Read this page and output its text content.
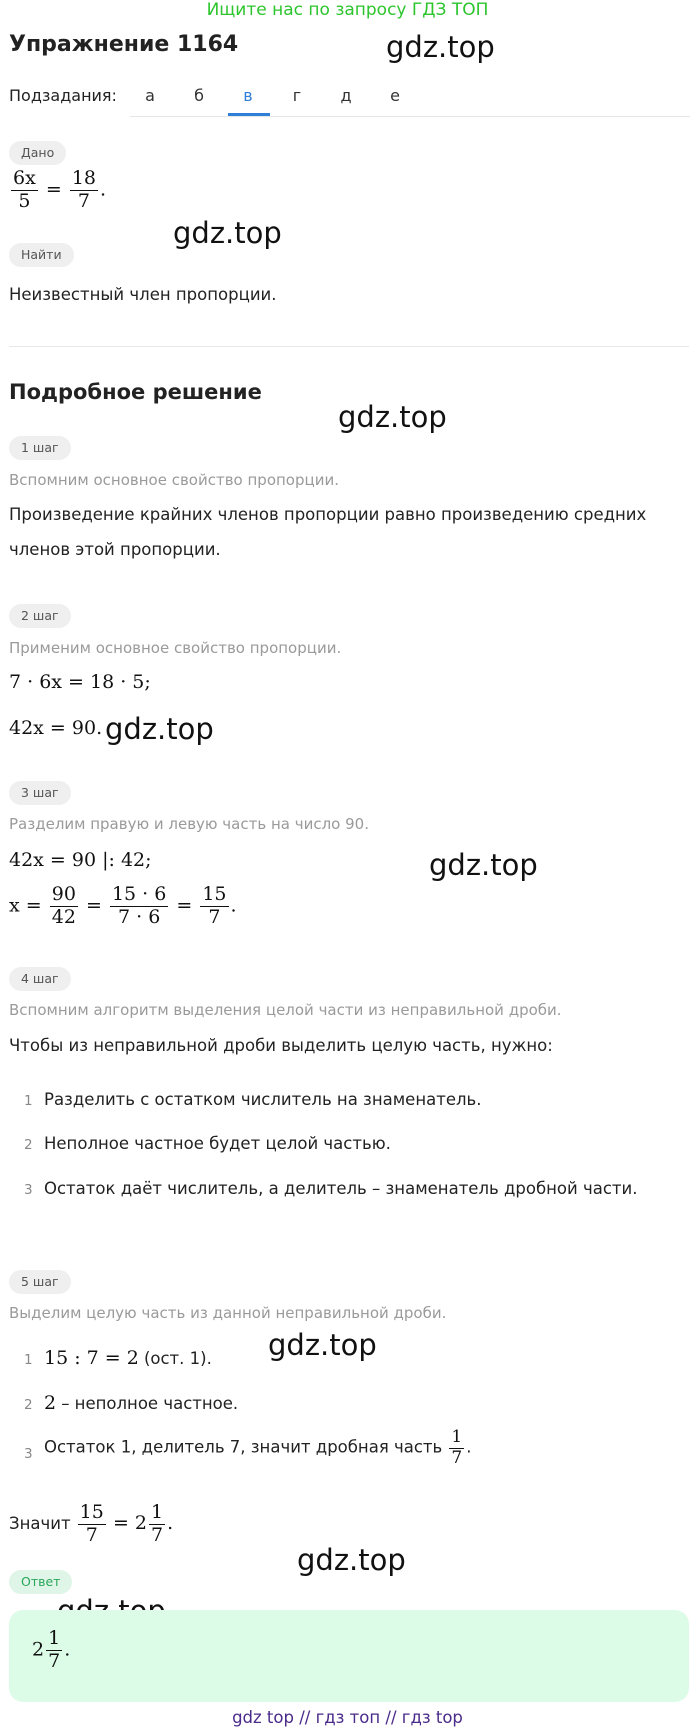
Ищите нас по запросу ГДЗ ТОП
Упражнение 1164	gdz.top
gdz.top
gdz.top
gdz.top
gdz.top
gdz.top
gdz.top
Подзадания:	а	б	в	г	д	е
Дано
$\frac{6x}{5} = \frac{18}{7}$ .
Найти
Неизвестный член пропорции.
Подробное решение
1 шаг
Вспомним основное свойство пропорции.
Произведение крайних членов пропорции равно произведению средних
членов этой пропорции.
2 шаг
Применим основное свойство пропорции.
7 · 6x = 18 · 5;
42x = 90.
3 шаг
Разделим правую и левую часть на число 90.
42x = 90 |: 42;
$x = \frac{90}{42} = \frac{15 \cdot 6}{7 \cdot 6} = \frac{15}{7}$ .
4 шаг
Вспомним алгоритм выделения целой части из неправильной дроби.
Чтобы из неправильной дроби выделить целую часть, нужно:
1 Разделить с остатком числитель на знаменатель.
2 Неполное частное будет целой частью.
3 Остаток даёт числитель, а делитель – знаменатель дробной части.
5 шаг
Выделим целую часть из данной неправильной дроби.
1 15 : 7 = 2 (ост. 1).
2 2 – неполное частное.
3 Остаток 1, делитель 7, значит дробная часть $\frac{1}{7}$ .
Значит $\frac{15}{7} = 2 \frac{1}{7}$ .
Ответ
$2 \frac{1}{7}$ .
gdz top // гдз топ // гдз top
